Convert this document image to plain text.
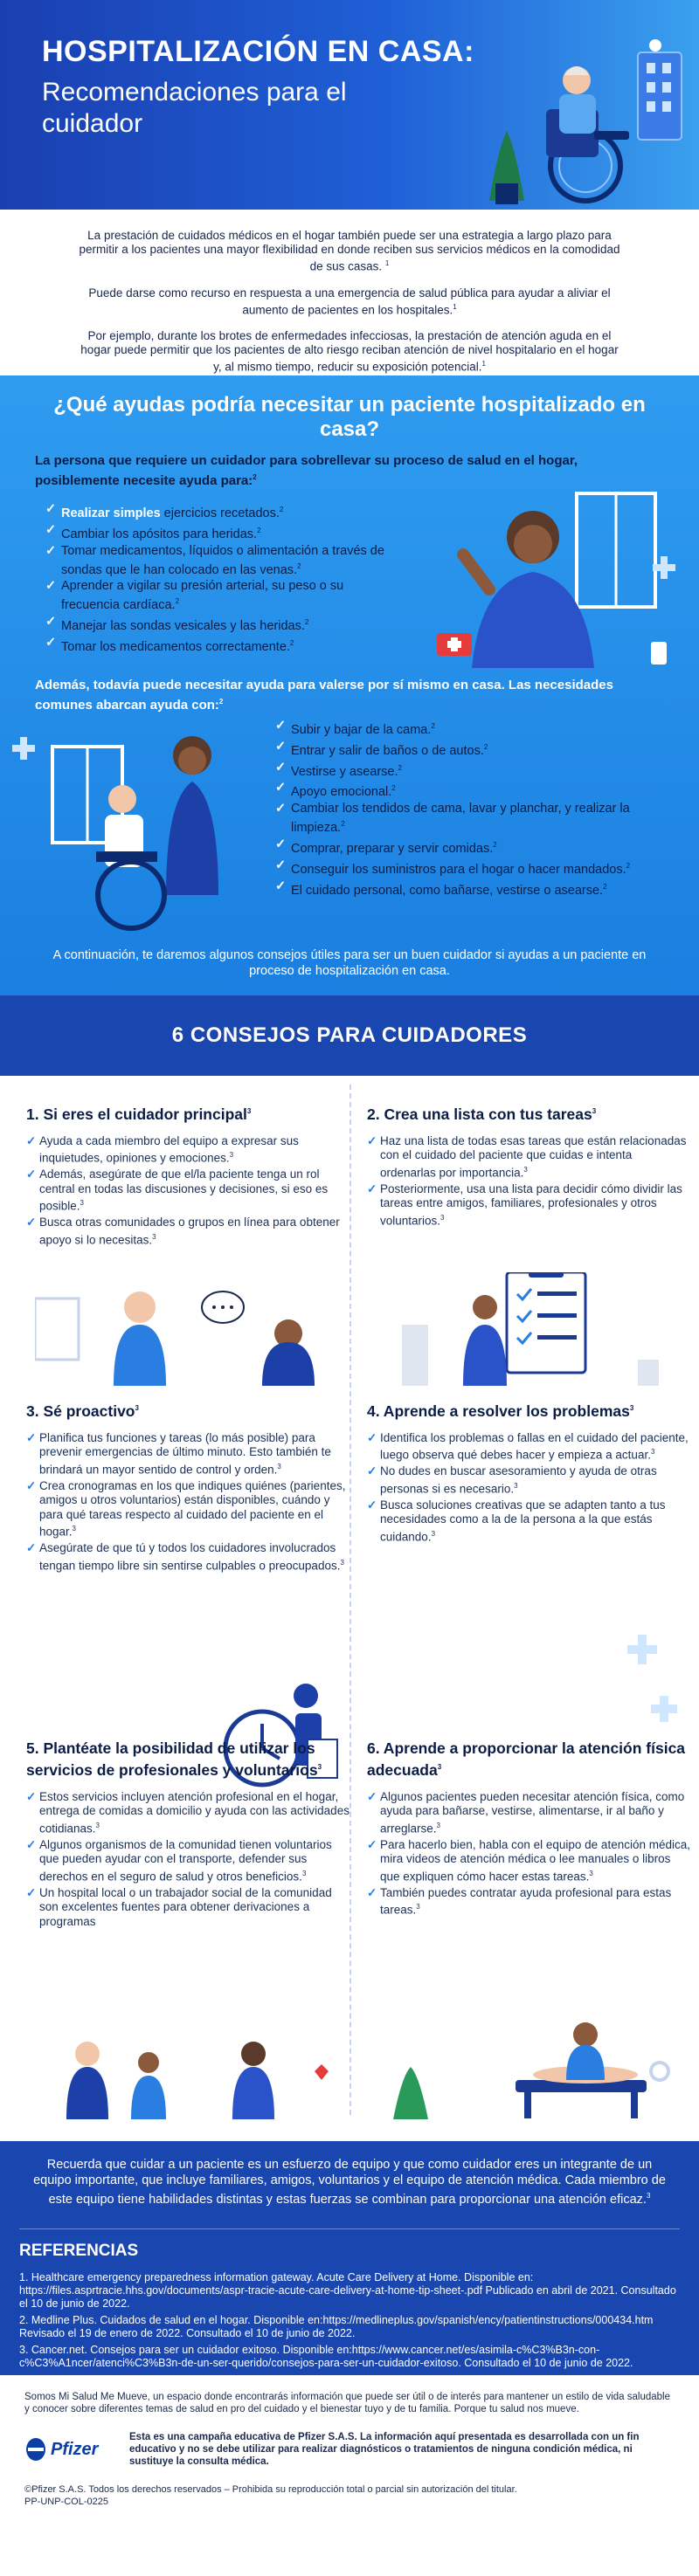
HOSPITALIZACIÓN EN CASA:
Recomendaciones para el cuidador

La prestación de cuidados médicos en el hogar también puede ser una estrategia a largo plazo para permitir a los pacientes una mayor flexibilidad en donde reciben sus servicios médicos en la comodidad de sus casas. $^1$

Puede darse como recurso en respuesta a una emergencia de salud pública para ayudar a aliviar el aumento de pacientes en los hospitales.$^1$

Por ejemplo, durante los brotes de enfermedades infecciosas, la prestación de atención aguda en el hogar puede permitir que los pacientes de alto riesgo reciban atención de nivel hospitalario en el hogar y, al mismo tiempo, reducir su exposición potencial.$^1$

¿Qué ayudas podría necesitar un paciente hospitalizado en casa?
La persona que requiere un cuidador para sobrellevar su proceso de salud en el hogar, posiblemente necesite ayuda para:$^2$
✓ Realizar simples ejercicios recetados.$^2$
✓ Cambiar los apósitos para heridas.$^2$
✓ Tomar medicamentos, líquidos o alimentación a través de sondas que le han colocado en las venas.$^2$
✓ Aprender a vigilar su presión arterial, su peso o su frecuencia cardíaca.$^2$
✓ Manejar las sondas vesicales y las heridas.$^2$
✓ Tomar los medicamentos correctamente.$^2$
Además, todavía puede necesitar ayuda para valerse por sí mismo en casa. Las necesidades comunes abarcan ayuda con:$^2$
✓ Subir y bajar de la cama.$^2$
✓ Entrar y salir de baños o de autos.$^2$
✓ Vestirse y asearse.$^2$
✓ Apoyo emocional.$^2$
✓ Cambiar los tendidos de cama, lavar y planchar, y realizar la limpieza.$^2$
✓ Comprar, preparar y servir comidas.$^2$
✓ Conseguir los suministros para el hogar o hacer mandados.$^2$
✓ El cuidado personal, como bañarse, vestirse o asearse.$^2$

A continuación, te daremos algunos consejos útiles para ser un buen cuidador si ayudas a un paciente en proceso de hospitalización en casa.

6 CONSEJOS PARA CUIDADORES
1. Si eres el cuidador principal$^3$
✓ Ayuda a cada miembro del equipo a expresar sus inquietudes, opiniones y emociones.$^3$
✓ Además, asegúrate de que el/la paciente tenga un rol central en todas las discusiones y decisiones, si eso es posible.$^3$
✓ Busca otras comunidades o grupos en línea para obtener apoyo si lo necesitas.$^3$
2. Crea una lista con tus tareas$^3$
✓ Haz una lista de todas esas tareas que están relacionadas con el cuidado del paciente que cuidas e intenta ordenarlas por importancia.$^3$
✓ Posteriormente, usa una lista para decidir cómo dividir las tareas entre amigos, familiares, profesionales y otros voluntarios.$^3$
3. Sé proactivo$^3$
✓ Planifica tus funciones y tareas (lo más posible) para prevenir emergencias de último minuto. Esto también te brindará un mayor sentido de control y orden.$^3$
✓ Crea cronogramas en los que indiques quiénes (parientes, amigos u otros voluntarios) están disponibles, cuándo y para qué tareas respecto al cuidado del paciente en el hogar.$^3$
✓ Asegúrate de que tú y todos los cuidadores involucrados tengan tiempo libre sin sentirse culpables o preocupados.$^3$
4. Aprende a resolver los problemas$^3$
✓ Identifica los problemas o fallas en el cuidado del paciente, luego observa qué debes hacer y empieza a actuar.$^3$
✓ No dudes en buscar asesoramiento y ayuda de otras personas si es necesario.$^3$
✓ Busca soluciones creativas que se adapten tanto a tus necesidades como a la de la persona a la que estás cuidando.$^3$
5. Plantéate la posibilidad de utilizar los servicios de profesionales y voluntarios$^3$
✓ Estos servicios incluyen atención profesional en el hogar, entrega de comidas a domicilio y ayuda con las actividades cotidianas.$^3$
✓ Algunos organismos de la comunidad tienen voluntarios que pueden ayudar con el transporte, defender sus derechos en el seguro de salud y otros beneficios.$^3$
✓ Un hospital local o un trabajador social de la comunidad son excelentes fuentes para obtener derivaciones a programas
6. Aprende a proporcionar la atención física adecuada$^3$
✓ Algunos pacientes pueden necesitar atención física, como ayuda para bañarse, vestirse, alimentarse, ir al baño y arreglarse.$^3$
✓ Para hacerlo bien, habla con el equipo de atención médica, mira videos de atención médica o lee manuales o libros que expliquen cómo hacer estas tareas.$^3$
✓ También puedes contratar ayuda profesional para estas tareas.$^3$
Recuerda que cuidar a un paciente es un esfuerzo de equipo y que como cuidador eres un integrante de un equipo importante, que incluye familiares, amigos, voluntarios y el equipo de atención médica. Cada miembro de este equipo tiene habilidades distintas y estas fuerzas se combinan para proporcionar una atención eficaz.$^3$
REFERENCIAS
1. Healthcare emergency preparedness information gateway. Acute Care Delivery at Home. Disponible en: https://files.asprtracie.hhs.gov/documents/aspr-tracie-acute-care-delivery-at-home-tip-sheet-.pdf Publicado en abril de 2021. Consultado el 10 de junio de 2022.
2. Medline Plus. Cuidados de salud en el hogar. Disponible en:https://medlineplus.gov/spanish/ency/patientinstructions/000434.htm Revisado el 19 de enero de 2022. Consultado el 10 de junio de 2022.
3. Cancer.net. Consejos para ser un cuidador exitoso. Disponible en:https://www.cancer.net/es/asimila-c%C3%B3n-con-c%C3%A1ncer/atenci%C3%B3n-de-un-ser-querido/consejos-para-ser-un-cuidador-exitoso. Consultado el 10 de junio de 2022.

Somos Mi Salud Me Mueve, un espacio donde encontrarás información que puede ser útil o de interés para mantener un estilo de vida saludable y conocer sobre diferentes temas de salud en pro del cuidado y el bienestar tuyo y de tu familia. Porque tu salud nos mueve.

Pfizer

Esta es una campaña educativa de Pfizer S.A.S. La información aquí presentada es desarrollada con un fin educativo y no se debe utilizar para realizar diagnósticos o tratamientos de ninguna condición médica, ni sustituye la consulta médica.

©Pfizer S.A.S. Todos los derechos reservados – Prohibida su reproducción total o parcial sin autorización del titular.
PP-UNP-COL-0225
